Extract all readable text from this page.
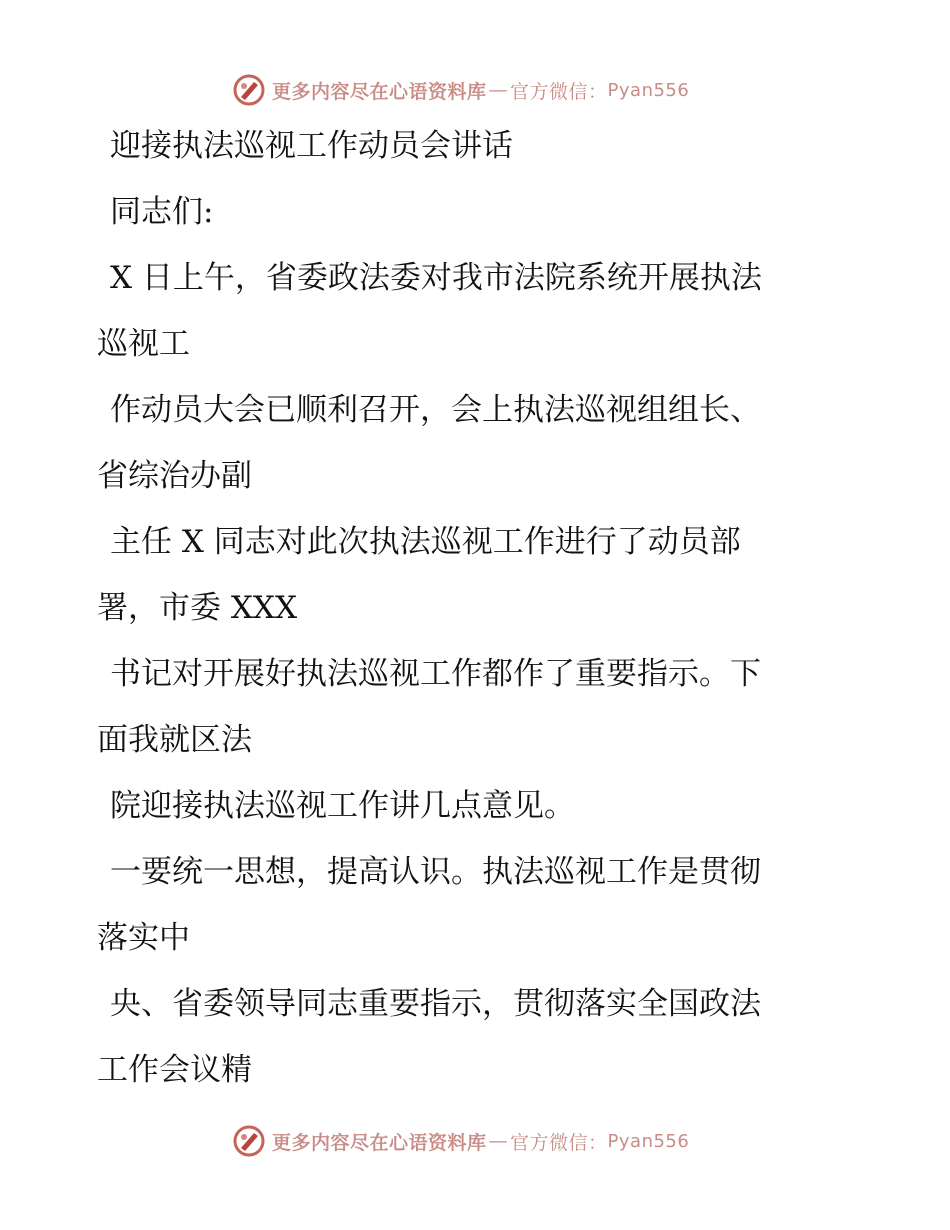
更多内容尽在心语资料库 — 官方微信： Pyan556

迎接执法巡视工作动员会讲话

同志们:
X 日上午，省委政法委对我市法院系统开展执法
巡视工
作动员大会已顺利召开，会上执法巡视组组长、
省综治办副
主任 X 同志对此次执法巡视工作进行了动员部
署，市委 XXX
书记对开展好执法巡视工作都作了重要指示。下
面我就区法
院迎接执法巡视工作讲几点意见。
一要统一思想，提高认识。执法巡视工作是贯彻
落实中
央、省委领导同志重要指示，贯彻落实全国政法
工作会议精
更多内容尽在心语资料库 — 官方微信： Pyan556
